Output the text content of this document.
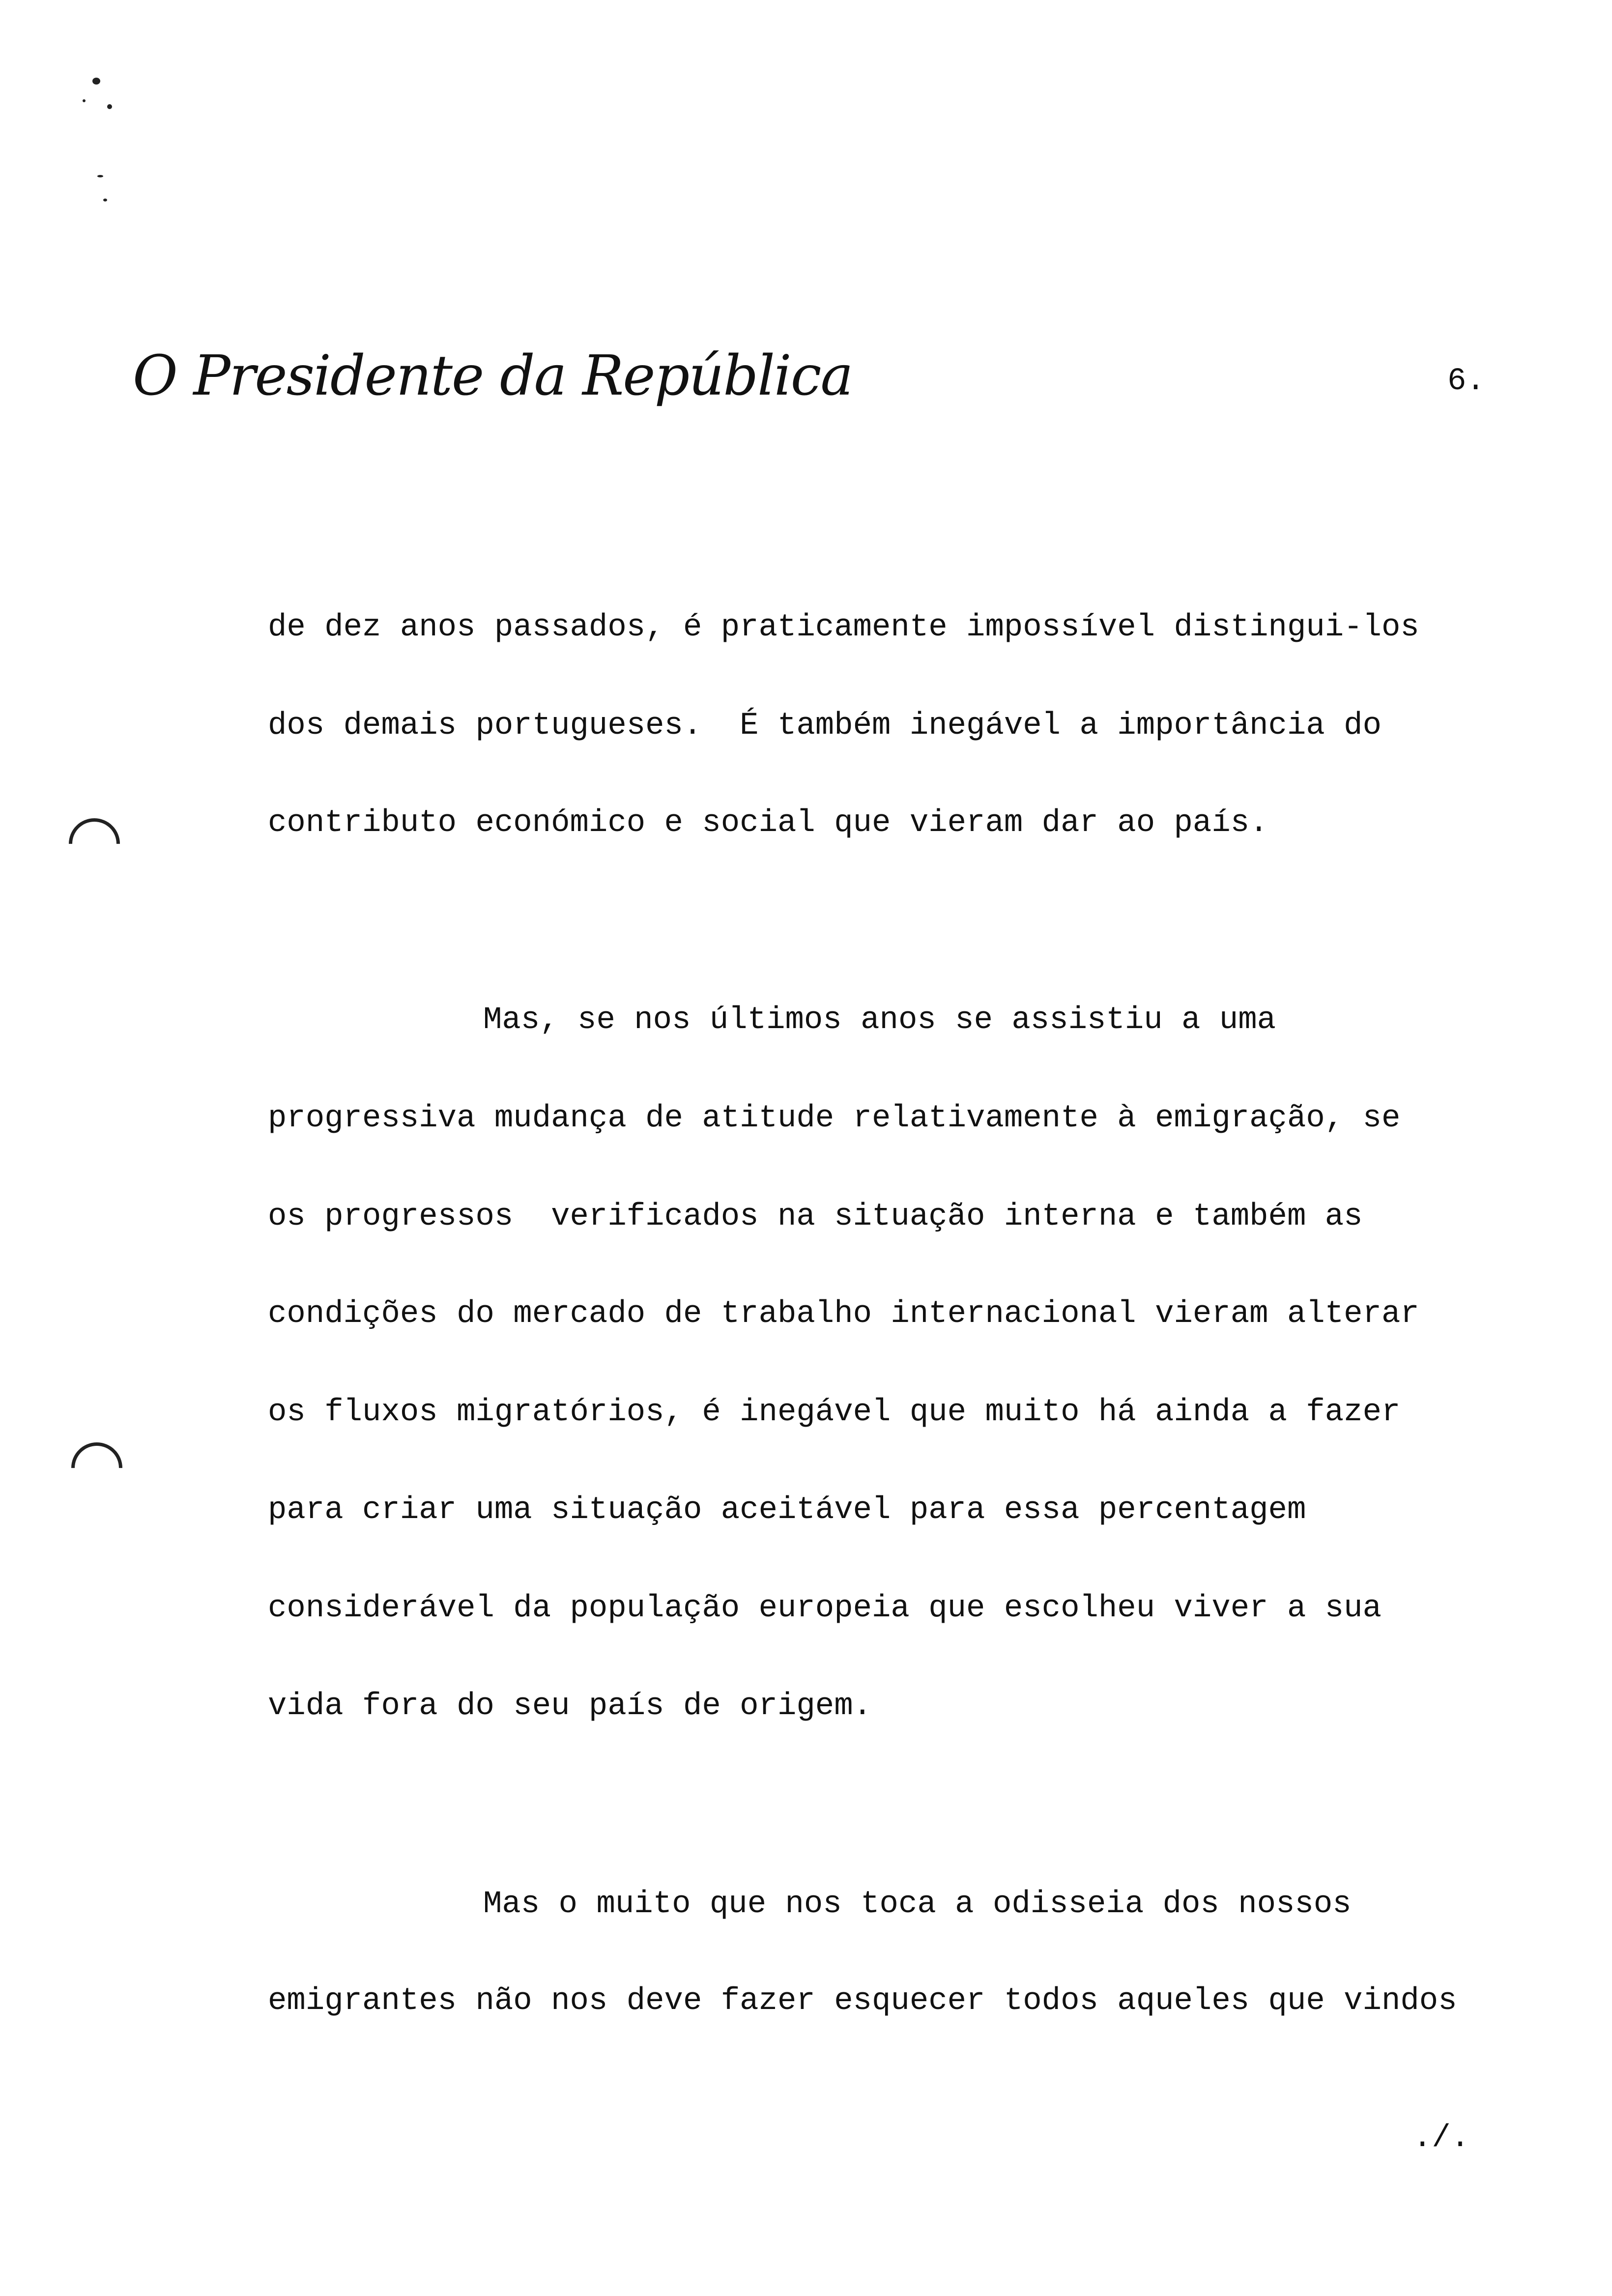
O Presidente da República	6.
de dez anos passados, é praticamente impossível distingui-los
dos demais portugueses.  É também inegável a importância do
contributo económico e social que vieram dar ao país.
Mas, se nos últimos anos se assistiu a uma
progressiva mudança de atitude relativamente à emigração, se
os progressos  verificados na situação interna e também as
condições do mercado de trabalho internacional vieram alterar
os fluxos migratórios, é inegável que muito há ainda a fazer
para criar uma situação aceitável para essa percentagem
considerável da população europeia que escolheu viver a sua
vida fora do seu país de origem.
Mas o muito que nos toca a odisseia dos nossos
emigrantes não nos deve fazer esquecer todos aqueles que vindos
./.
